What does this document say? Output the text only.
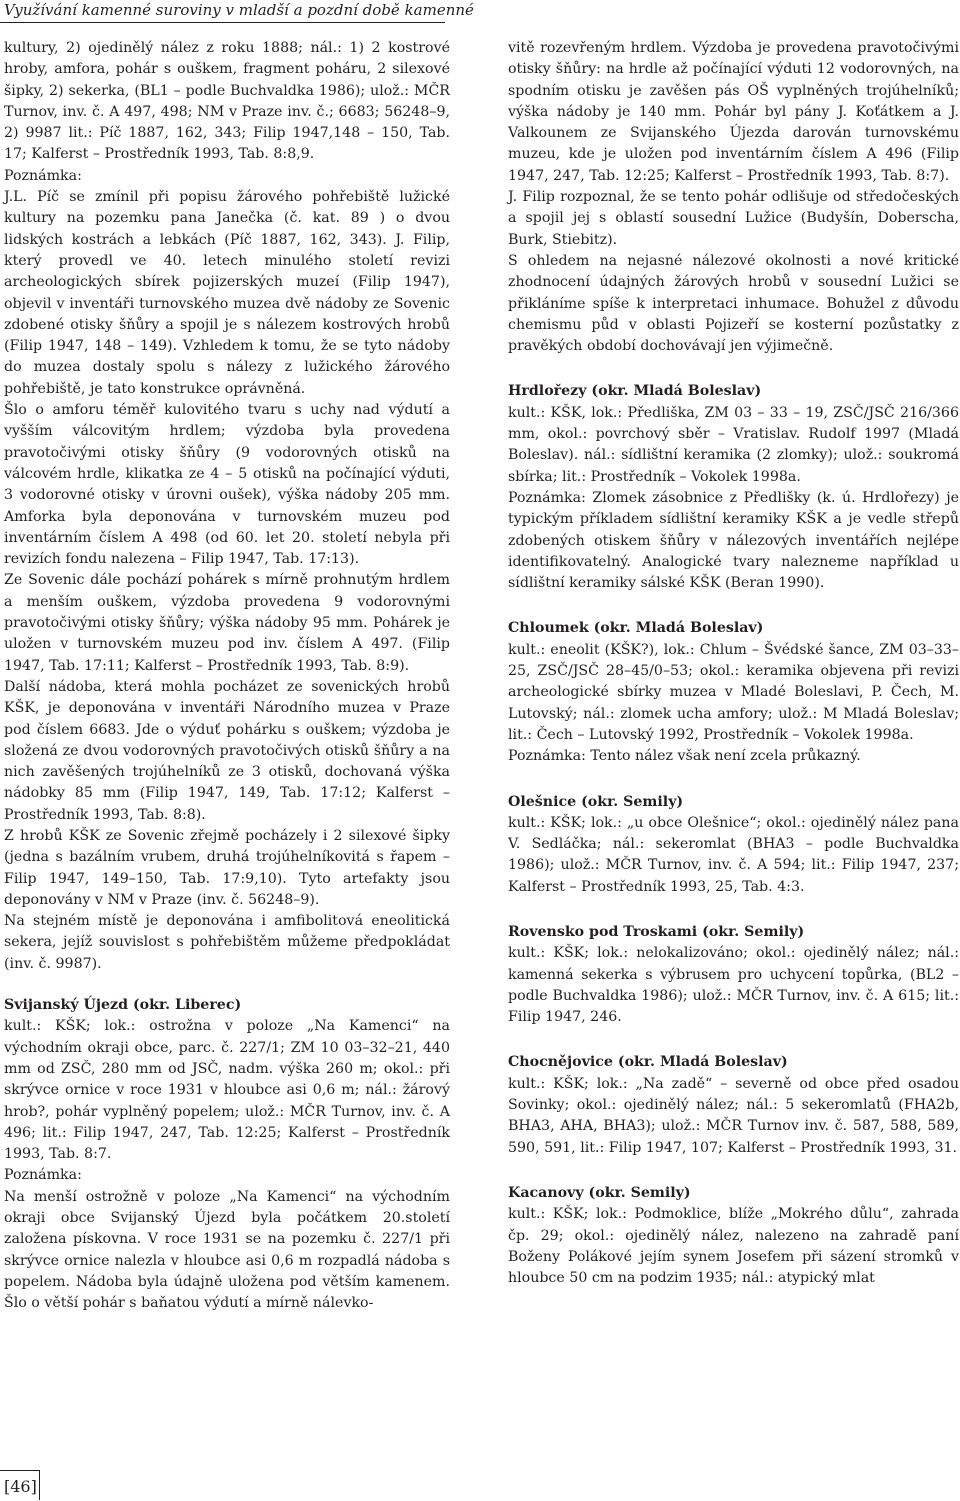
Využívání kamenné suroviny v mladší a pozdní době kamenné

kultury, 2) ojedinělý nález z roku 1888; nál.: 1) 2 kostrové hroby, amfora, pohár s ouškem, fragment poháru, 2 silexové šipky, 2) sekerka, (BL1 – podle Buchvaldka 1986); ulož.: MČR Turnov, inv. č. A 497, 498; NM v Praze inv. č.; 6683; 56248–9, 2) 9987 lit.: Píč 1887, 162, 343; Filip 1947,148 – 150, Tab. 17; Kalferst – Prostředník 1993, Tab. 8:8,9.

Poznámka:

J.L. Píč se zmínil při popisu žárového pohřebiště lužické kultury na pozemku pana Janečka (č. kat. 89 ) o dvou lidských kostrách a lebkách (Píč 1887, 162, 343). J. Filip, který provedl ve 40. letech minulého století revizi archeologických sbírek pojizerských muzeí (Filip 1947), objevil v inventáři turnovského muzea dvě nádoby ze Sovenic zdobené otisky šňůry a spojil je s nálezem kostrových hrobů (Filip 1947, 148 – 149). Vzhledem k tomu, že se tyto nádoby do muzea dostaly spolu s nálezy z lužického žárového pohřebiště, je tato konstrukce oprávněná.

Šlo o amforu téměř kulovitého tvaru s uchy nad výdutí a vyšším válcovitým hrdlem; výzdoba byla provedena pravotočivými otisky šňůry (9 vodorovných otisků na válcovém hrdle, klikatka ze 4 – 5 otisků na počínající výduti, 3 vodorovné otisky v úrovni oušek), výška nádoby 205 mm. Amforka byla deponována v turnovském muzeu pod inventárním číslem A 498 (od 60. let 20. století nebyla při revizích fondu nalezena – Filip 1947, Tab. 17:13).

Ze Sovenic dále pochází pohárek s mírně prohnutým hrdlem a menším ouškem, výzdoba provedena 9 vodorovnými pravotočivými otisky šňůry; výška nádoby 95 mm. Pohárek je uložen v turnovském muzeu pod inv. číslem A 497. (Filip 1947, Tab. 17:11; Kalferst – Prostředník 1993, Tab. 8:9).

Další nádoba, která mohla pocházet ze sovenických hrobů KŠK, je deponována v inventáři Národního muzea v Praze pod číslem 6683. Jde o výduť pohárku s ouškem; výzdoba je složená ze dvou vodorovných pravotočivých otisků šňůry a na nich zavěšených trojúhelníků ze 3 otisků, dochovaná výška nádobky 85 mm (Filip 1947, 149, Tab. 17:12; Kalferst – Prostředník 1993, Tab. 8:8).

Z hrobů KŠK ze Sovenic zřejmě pocházely i 2 silexové šipky (jedna s bazálním vrubem, druhá trojúhelníkovitá s řapem – Filip 1947, 149–150, Tab. 17:9,10). Tyto artefakty jsou deponovány v NM v Praze (inv. č. 56248–9).

Na stejném místě je deponována i amfibolitová eneolitická sekera, jejíž souvislost s pohřebištěm můžeme předpokládat (inv. č. 9987).

Svijanský Újezd (okr. Liberec)

kult.: KŠK; lok.: ostrožna v poloze „Na Kamenci“ na východním okraji obce, parc. č. 227/1; ZM 10 03–32–21, 440 mm od ZSČ, 280 mm od JSČ, nadm. výška 260 m; okol.: při skrývce ornice v roce 1931 v hloubce asi 0,6 m; nál.: žárový hrob?, pohár vyplněný popelem; ulož.: MČR Turnov, inv. č. A 496; lit.: Filip 1947, 247, Tab. 12:25; Kalferst – Prostředník 1993, Tab. 8:7.

Poznámka:

Na menší ostrožně v poloze „Na Kamenci“ na východním okraji obce Svijanský Újezd byla počátkem 20.století založena pískovna. V roce 1931 se na pozemku č. 227/1 při skrývce ornice nalezla v hloubce asi 0,6 m rozpadlá nádoba s popelem. Nádoba byla údajně uložena pod větším kamenem. Šlo o větší pohár s baňatou výdutí a mírně nálevko-

vitě rozevřeným hrdlem. Výzdoba je provedena pravotočivými otisky šňůry: na hrdle až počínající výduti 12 vodorovných, na spodním otisku je zavěšen pás OŠ vyplněných trojúhelníků; výška nádoby je 140 mm. Pohár byl pány J. Koťátkem a J. Valkounem ze Svijanského Újezda darován turnovskému muzeu, kde je uložen pod inventárním číslem A 496 (Filip 1947, 247, Tab. 12:25; Kalferst – Prostředník 1993, Tab. 8:7).

J. Filip rozpoznal, že se tento pohár odlišuje od středočeských a spojil jej s oblastí sousední Lužice (Budyšín, Doberscha, Burk, Stiebitz).

S ohledem na nejasné nálezové okolnosti a nové kritické zhodnocení údajných žárových hrobů v sousední Lužici se přikláníme spíše k interpretaci inhumace. Bohužel z důvodu chemismu půd v oblasti Pojizeří se kosterní pozůstatky z pravěkých období dochovávají jen výjimečně.

Hrdlořezy (okr. Mladá Boleslav)

kult.: KŠK, lok.: Předliška, ZM 03 – 33 – 19, ZSČ/JSČ 216/366 mm, okol.: povrchový sběr – Vratislav. Rudolf 1997 (Mladá Boleslav). nál.: sídlištní keramika (2 zlomky); ulož.: soukromá sbírka; lit.: Prostředník – Vokolek 1998a.

Poznámka: Zlomek zásobnice z Předlišky (k. ú. Hrdlořezy) je typickým příkladem sídlištní keramiky KŠK a je vedle střepů zdobených otiskem šňůry v nálezových inventářích nejlépe identifikovatelný. Analogické tvary nalezneme například u sídlištní keramiky sálské KŠK (Beran 1990).

Chloumek (okr. Mladá Boleslav)

kult.: eneolit (KŠK?), lok.: Chlum – Švédské šance, ZM 03–33–25, ZSČ/JSČ 28–45/0–53; okol.: keramika objevena při revizi archeologické sbírky muzea v Mladé Boleslavi, P. Čech, M. Lutovský; nál.: zlomek ucha amfory; ulož.: M Mladá Boleslav; lit.: Čech – Lutovský 1992, Prostředník – Vokolek 1998a.

Poznámka: Tento nález však není zcela průkazný.

Olešnice (okr. Semily)

kult.: KŠK; lok.: „u obce Olešnice“; okol.: ojedinělý nález pana V. Sedláčka; nál.: sekeromlat (BHA3 – podle Buchvaldka 1986); ulož.: MČR Turnov, inv. č. A 594; lit.: Filip 1947, 237; Kalferst – Prostředník 1993, 25, Tab. 4:3.

Rovensko pod Troskami (okr. Semily)

kult.: KŠK; lok.: nelokalizováno; okol.: ojedinělý nález; nál.: kamenná sekerka s výbrusem pro uchycení topůrka, (BL2 – podle Buchvaldka 1986); ulož.: MČR Turnov, inv. č. A 615; lit.: Filip 1947, 246.

Chocnějovice (okr. Mladá Boleslav)

kult.: KŠK; lok.: „Na zadě“ – severně od obce před osadou Sovinky; okol.: ojedinělý nález; nál.: 5 sekeromlatů (FHA2b, BHA3, AHA, BHA3); ulož.: MČR Turnov inv. č. 587, 588, 589, 590, 591, lit.: Filip 1947, 107; Kalferst – Prostředník 1993, 31.

Kacanovy (okr. Semily)

kult.: KŠK; lok.: Podmoklice, blíže „Mokrého důlu“, zahrada čp. 29; okol.: ojedinělý nález, nalezeno na zahradě paní Boženy Polákové jejím synem Josefem při sázení stromků v hloubce 50 cm na podzim 1935; nál.: atypický mlat

[46]
